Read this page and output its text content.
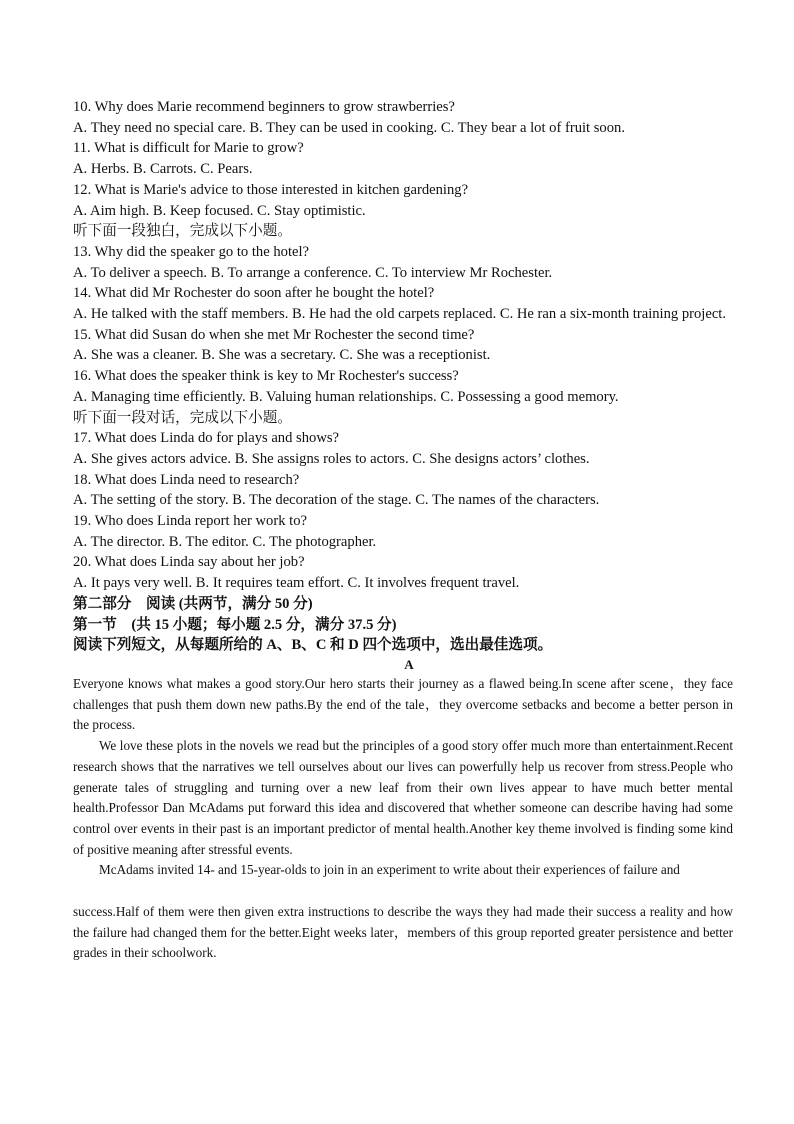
10. Why does Marie recommend beginners to grow strawberries?
A. They need no special care. B. They can be used in cooking. C. They bear a lot of fruit soon.
11. What is difficult for Marie to grow?
A. Herbs. B. Carrots. C. Pears.
12. What is Marie's advice to those interested in kitchen gardening?
A. Aim high. B. Keep focused. C. Stay optimistic.
听下面一段独白，完成以下小题。
13. Why did the speaker go to the hotel?
A. To deliver a speech. B. To arrange a conference. C. To interview Mr Rochester.
14. What did Mr Rochester do soon after he bought the hotel?
A. He talked with the staff members. B. He had the old carpets replaced. C. He ran a six-month training project.
15. What did Susan do when she met Mr Rochester the second time?
A. She was a cleaner. B. She was a secretary. C. She was a receptionist.
16. What does the speaker think is key to Mr Rochester's success?
A. Managing time efficiently. B. Valuing human relationships. C. Possessing a good memory.
听下面一段对话，完成以下小题。
17. What does Linda do for plays and shows?
A. She gives actors advice. B. She assigns roles to actors. C. She designs actors’ clothes.
18. What does Linda need to research?
A. The setting of the story. B. The decoration of the stage. C. The names of the characters.
19. Who does Linda report her work to?
A. The director. B. The editor. C. The photographer.
20. What does Linda say about her job?
A. It pays very well. B. It requires team effort. C. It involves frequent travel.
第二部分　阅读 (共两节，满分 50 分)
第一节　(共 15 小题；每小题 2.5 分，满分 37.5 分)
阅读下列短文，从每题所给的 A、B、C 和 D 四个选项中，选出最佳选项。
A
Everyone knows what makes a good story.Our hero starts their journey as a flawed being.In scene after scene，they face challenges that push them down new paths.By the end of the tale，they overcome setbacks and become a better person in the process.
We love these plots in the novels we read but the principles of a good story offer much more than entertainment.Recent research shows that the narratives we tell ourselves about our lives can powerfully help us recover from stress.People who generate tales of struggling and turning over a new leaf from their own lives appear to have much better mental health.Professor Dan McAdams put forward this idea and discovered that whether someone can describe having had some control over events in their past is an important predictor of mental health.Another key theme involved is finding some kind of positive meaning after stressful events.
McAdams invited 14- and 15-year-olds to join in an experiment to write about their experiences of failure and
success.Half of them were then given extra instructions to describe the ways they had made their success a reality and how the failure had changed them for the better.Eight weeks later，members of this group reported greater persistence and better grades in their schoolwork.
